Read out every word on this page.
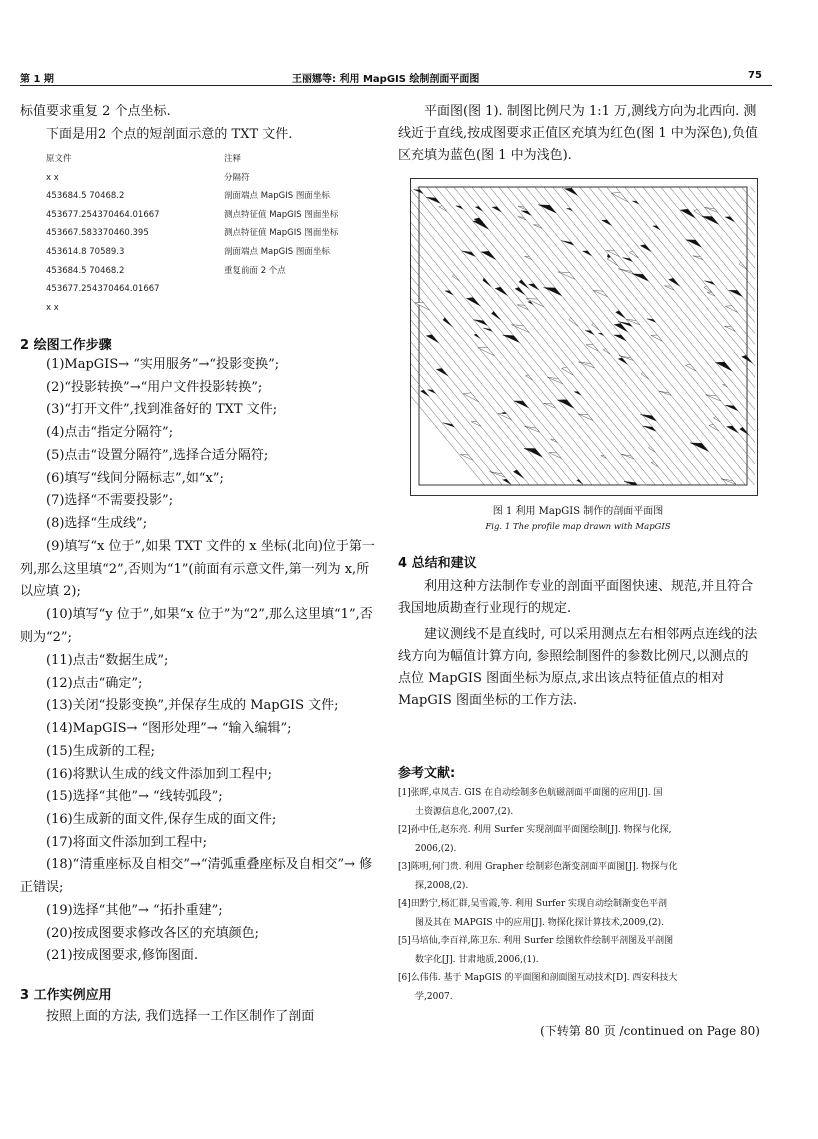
第 1 期	王丽娜等: 利用 MapGIS 绘制剖面平面图	75
标值要求重复 2 个点坐标.
下面是用2 个点的短剖面示意的 TXT 文件.
原文件	注释
x x	分隔符
453684.5 70468.2	剖面端点 MapGIS 图面坐标
453677.254370464.01667	测点特征值 MapGIS 图面坐标
453667.583370460.395	测点特征值 MapGIS 图面坐标
453614.8 70589.3	剖面端点 MapGIS 图面坐标
453684.5 70468.2	重复前面 2 个点
453677.254370464.01667
x x
2 绘图工作步骤

(1)MapGIS→ “实用服务”→“投影变换”;

(2)“投影转换”→“用户文件投影转换”;

(3)“打开文件”,找到准备好的 TXT 文件;

(4)点击“指定分隔符”;

(5)点击“设置分隔符”,选择合适分隔符;

(6)填写“线间分隔标志”,如“x”;

(7)选择“不需要投影”;

(8)选择“生成线”;

(9)填写“x 位于”,如果 TXT 文件的 x 坐标(北向)位于第一列,那么这里填“2”,否则为“1”(前面有示意文件,第一列为 x,所以应填 2);
(10)填写“y 位于”,如果“x 位于”为“2”,那么这里填“1”,否则为“2”;

(11)点击“数据生成”;

(12)点击“确定”;

(13)关闭“投影变换”,并保存生成的 MapGIS 文件;

(14)MapGIS→ “图形处理”→ “输入编辑”;

(15)生成新的工程;

(16)将默认生成的线文件添加到工程中;

(15)选择“其他”→ “线转弧段”;

(16)生成新的面文件,保存生成的面文件;

(17)将面文件添加到工程中;

(18)“清重座标及自相交”→“清弧重叠座标及自相交”→ 修正错误;

(19)选择“其他”→ “拓扑重建”;

(20)按成图要求修改各区的充填颜色;

(21)按成图要求,修饰图面.

3 工作实例应用
按照上面的方法, 我们选择一工作区制作了剖面
平面图(图 1). 制图比例尺为 1:1 万,测线方向为北西向. 测线近于直线,按成图要求正值区充填为红色(图 1 中为深色),负值区充填为蓝色(图 1 中为浅色).
图 1 利用 MapGIS 制作的剖面平面图
Fig. 1 The profile map drawn with MapGIS
4 总结和建议
利用这种方法制作专业的剖面平面图快速、规范,并且符合我国地质勘查行业现行的规定.
建议测线不是直线时, 可以采用测点左右相邻两点连线的法线方向为幅值计算方向, 参照绘制图件的参数比例尺,以测点的点位 MapGIS 图面坐标为原点,求出该点特征值点的相对 MapGIS 图面坐标的工作方法.
参考文献:

[1]张晖,卓凤吉. GIS 在自动绘制多色航磁剖面平面图的应用[J]. 国

土资源信息化,2007,(2).

[2]孙中任,赵东亮. 利用 Surfer 实现剖面平面图绘制[J]. 物探与化探,

2006,(2).

[3]陈明,何门贵. 利用 Grapher 绘制彩色渐变剖面平面图[J]. 物探与化

探,2008,(2).

[4]田黔宁,杨汇群,吴雪霞,等. 利用 Surfer 实现自动绘制渐变色平剖

图及其在 MAPGIS 中的应用[J]. 物探化探计算技术,2009,(2).

[5]马培仙,李百祥,陈卫东. 利用 Surfer 绘图软件绘制平剖图及平剖图

数字化[J]. 甘肃地质,2006,(1).

[6]么伟伟. 基于 MapGIS 的平面图和剖面图互动技术[D]. 西安科技大

学,2007.

(下转第 80 页 /continued on Page 80)
